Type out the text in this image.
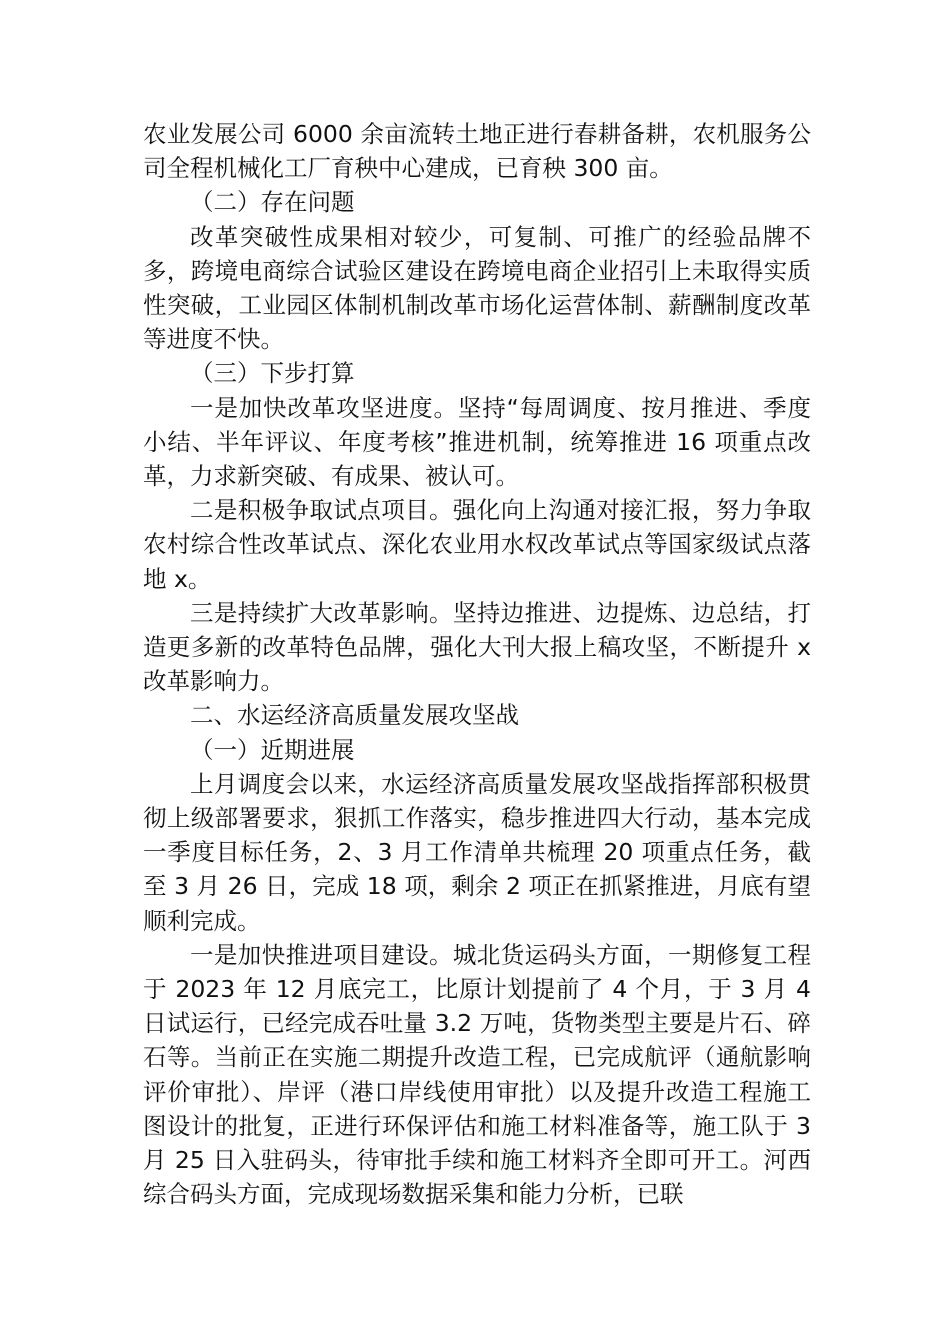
农业发展公司 6000 余亩流转土地正进行春耕备耕，农机服务公司全程机械化工厂育秧中心建成，已育秧 300 亩。

（二）存在问题

改革突破性成果相对较少，可复制、可推广的经验品牌不多，跨境电商综合试验区建设在跨境电商企业招引上未取得实质性突破，工业园区体制机制改革市场化运营体制、薪酬制度改革等进度不快。

（三）下步打算

一是加快改革攻坚进度。坚持“每周调度、按月推进、季度小结、半年评议、年度考核”推进机制，统筹推进 16 项重点改革，力求新突破、有成果、被认可。

二是积极争取试点项目。强化向上沟通对接汇报，努力争取农村综合性改革试点、深化农业用水权改革试点等国家级试点落地 x。

三是持续扩大改革影响。坚持边推进、边提炼、边总结，打造更多新的改革特色品牌，强化大刊大报上稿攻坚，不断提升 x 改革影响力。

二、水运经济高质量发展攻坚战

（一）近期进展

上月调度会以来，水运经济高质量发展攻坚战指挥部积极贯彻上级部署要求，狠抓工作落实，稳步推进四大行动，基本完成一季度目标任务，2、3 月工作清单共梳理 20 项重点任务，截至 3 月 26 日，完成 18 项，剩余 2 项正在抓紧推进，月底有望顺利完成。

一是加快推进项目建设。城北货运码头方面，一期修复工程于 2023 年 12 月底完工，比原计划提前了 4 个月，于 3 月 4 日试运行，已经完成吞吐量 3.2 万吨，货物类型主要是片石、碎石等。当前正在实施二期提升改造工程，已完成航评（通航影响评价审批）、岸评（港口岸线使用审批）以及提升改造工程施工图设计的批复，正进行环保评估和施工材料准备等，施工队于 3 月 25 日入驻码头，待审批手续和施工材料齐全即可开工。河西综合码头方面，完成现场数据采集和能力分析，已联
